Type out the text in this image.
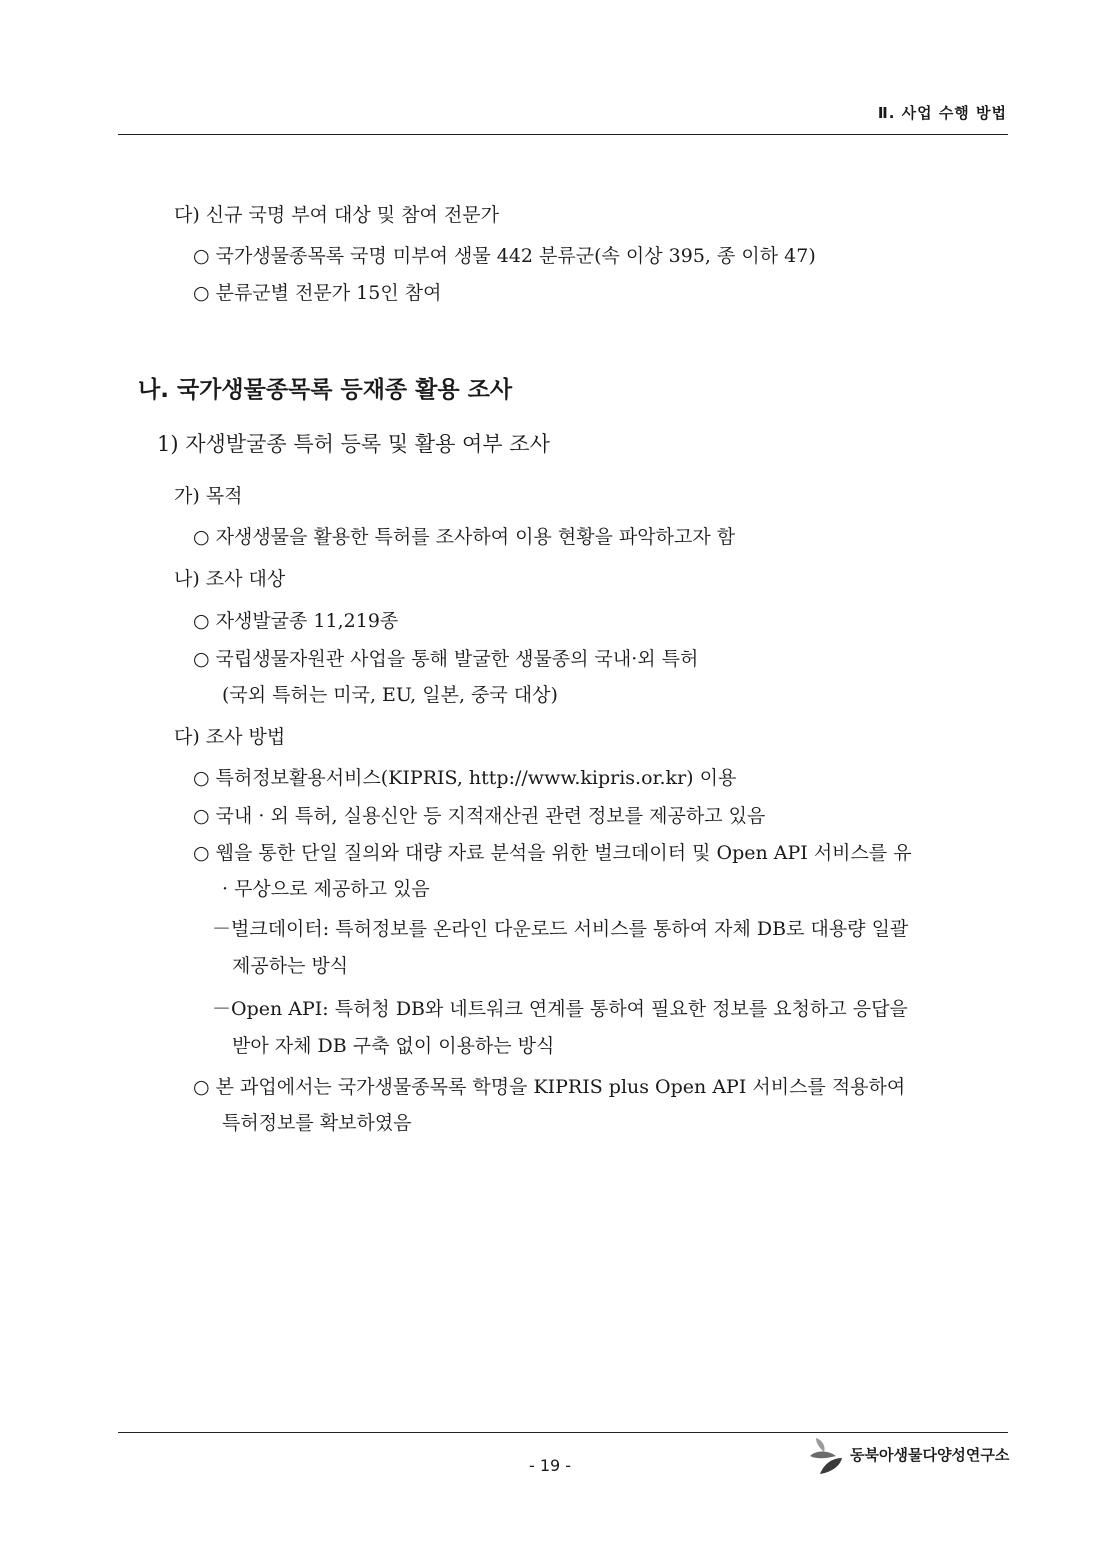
Ⅱ. 사업 수행 방법
다) 신규 국명 부여 대상 및 참여 전문가
○ 국가생물종목록 국명 미부여 생물 442 분류군(속 이상 395, 종 이하 47)
○ 분류군별 전문가 15인 참여
나. 국가생물종목록 등재종 활용 조사
1) 자생발굴종 특허 등록 및 활용 여부 조사
가) 목적
○ 자생생물을 활용한 특허를 조사하여 이용 현황을 파악하고자 함
나) 조사 대상
○ 자생발굴종 11,219종
○ 국립생물자원관 사업을 통해 발굴한 생물종의 국내·외 특허
(국외 특허는 미국, EU, 일본, 중국 대상)
다) 조사 방법
○ 특허정보활용서비스(KIPRIS, http://www.kipris.or.kr) 이용
○ 국내 · 외 특허, 실용신안 등 지적재산권 관련 정보를 제공하고 있음
○ 웹을 통한 단일 질의와 대량 자료 분석을 위한 벌크데이터 및 Open API 서비스를 유
· 무상으로 제공하고 있음
－벌크데이터: 특허정보를 온라인 다운로드 서비스를 통하여 자체 DB로 대용량 일괄
제공하는 방식
－Open API: 특허청 DB와 네트워크 연계를 통하여 필요한 정보를 요청하고 응답을
받아 자체 DB 구축 없이 이용하는 방식
○ 본 과업에서는 국가생물종목록 학명을 KIPRIS plus Open API 서비스를 적용하여
특허정보를 확보하였음
- 19 -
동북아생물다양성연구소
